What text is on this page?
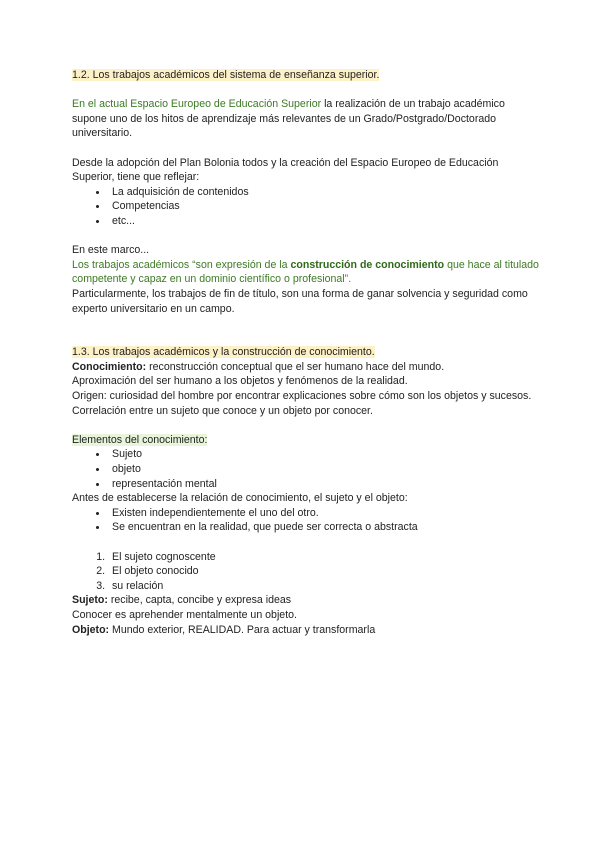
1.2. Los trabajos académicos del sistema de enseñanza superior.

En el actual Espacio Europeo de Educación Superior la realización de un trabajo académico supone uno de los hitos de aprendizaje más relevantes de un Grado/Postgrado/Doctorado universitario.

Desde la adopción del Plan Bolonia todos y la creación del Espacio Europeo de Educación Superior, tiene que reflejar:

• La adquisición de contenidos
• Competencias
• etc...

En este marco...

Los trabajos académicos “son expresión de la construcción de conocimiento que hace al titulado competente y capaz en un dominio científico o profesional”.

Particularmente, los trabajos de fin de título, son una forma de ganar solvencia y seguridad como experto universitario en un campo.

1.3. Los trabajos académicos y la construcción de conocimiento.

Conocimiento: reconstrucción conceptual que el ser humano hace del mundo.

Aproximación del ser humano a los objetos y fenómenos de la realidad.

Origen: curiosidad del hombre por encontrar explicaciones sobre cómo son los objetos y sucesos.

Correlación entre un sujeto que conoce y un objeto por conocer.

Elementos del conocimiento:

• Sujeto
• objeto
• representación mental

Antes de establecerse la relación de conocimiento, el sujeto y el objeto:

• Existen independientemente el uno del otro.
• Se encuentran en la realidad, que puede ser correcta o abstracta
1. El sujeto cognoscente
2. El objeto conocido
3. su relación

Sujeto: recibe, capta, concibe y expresa ideas

Conocer es aprehender mentalmente un objeto.

Objeto: Mundo exterior, REALIDAD. Para actuar y transformarla
